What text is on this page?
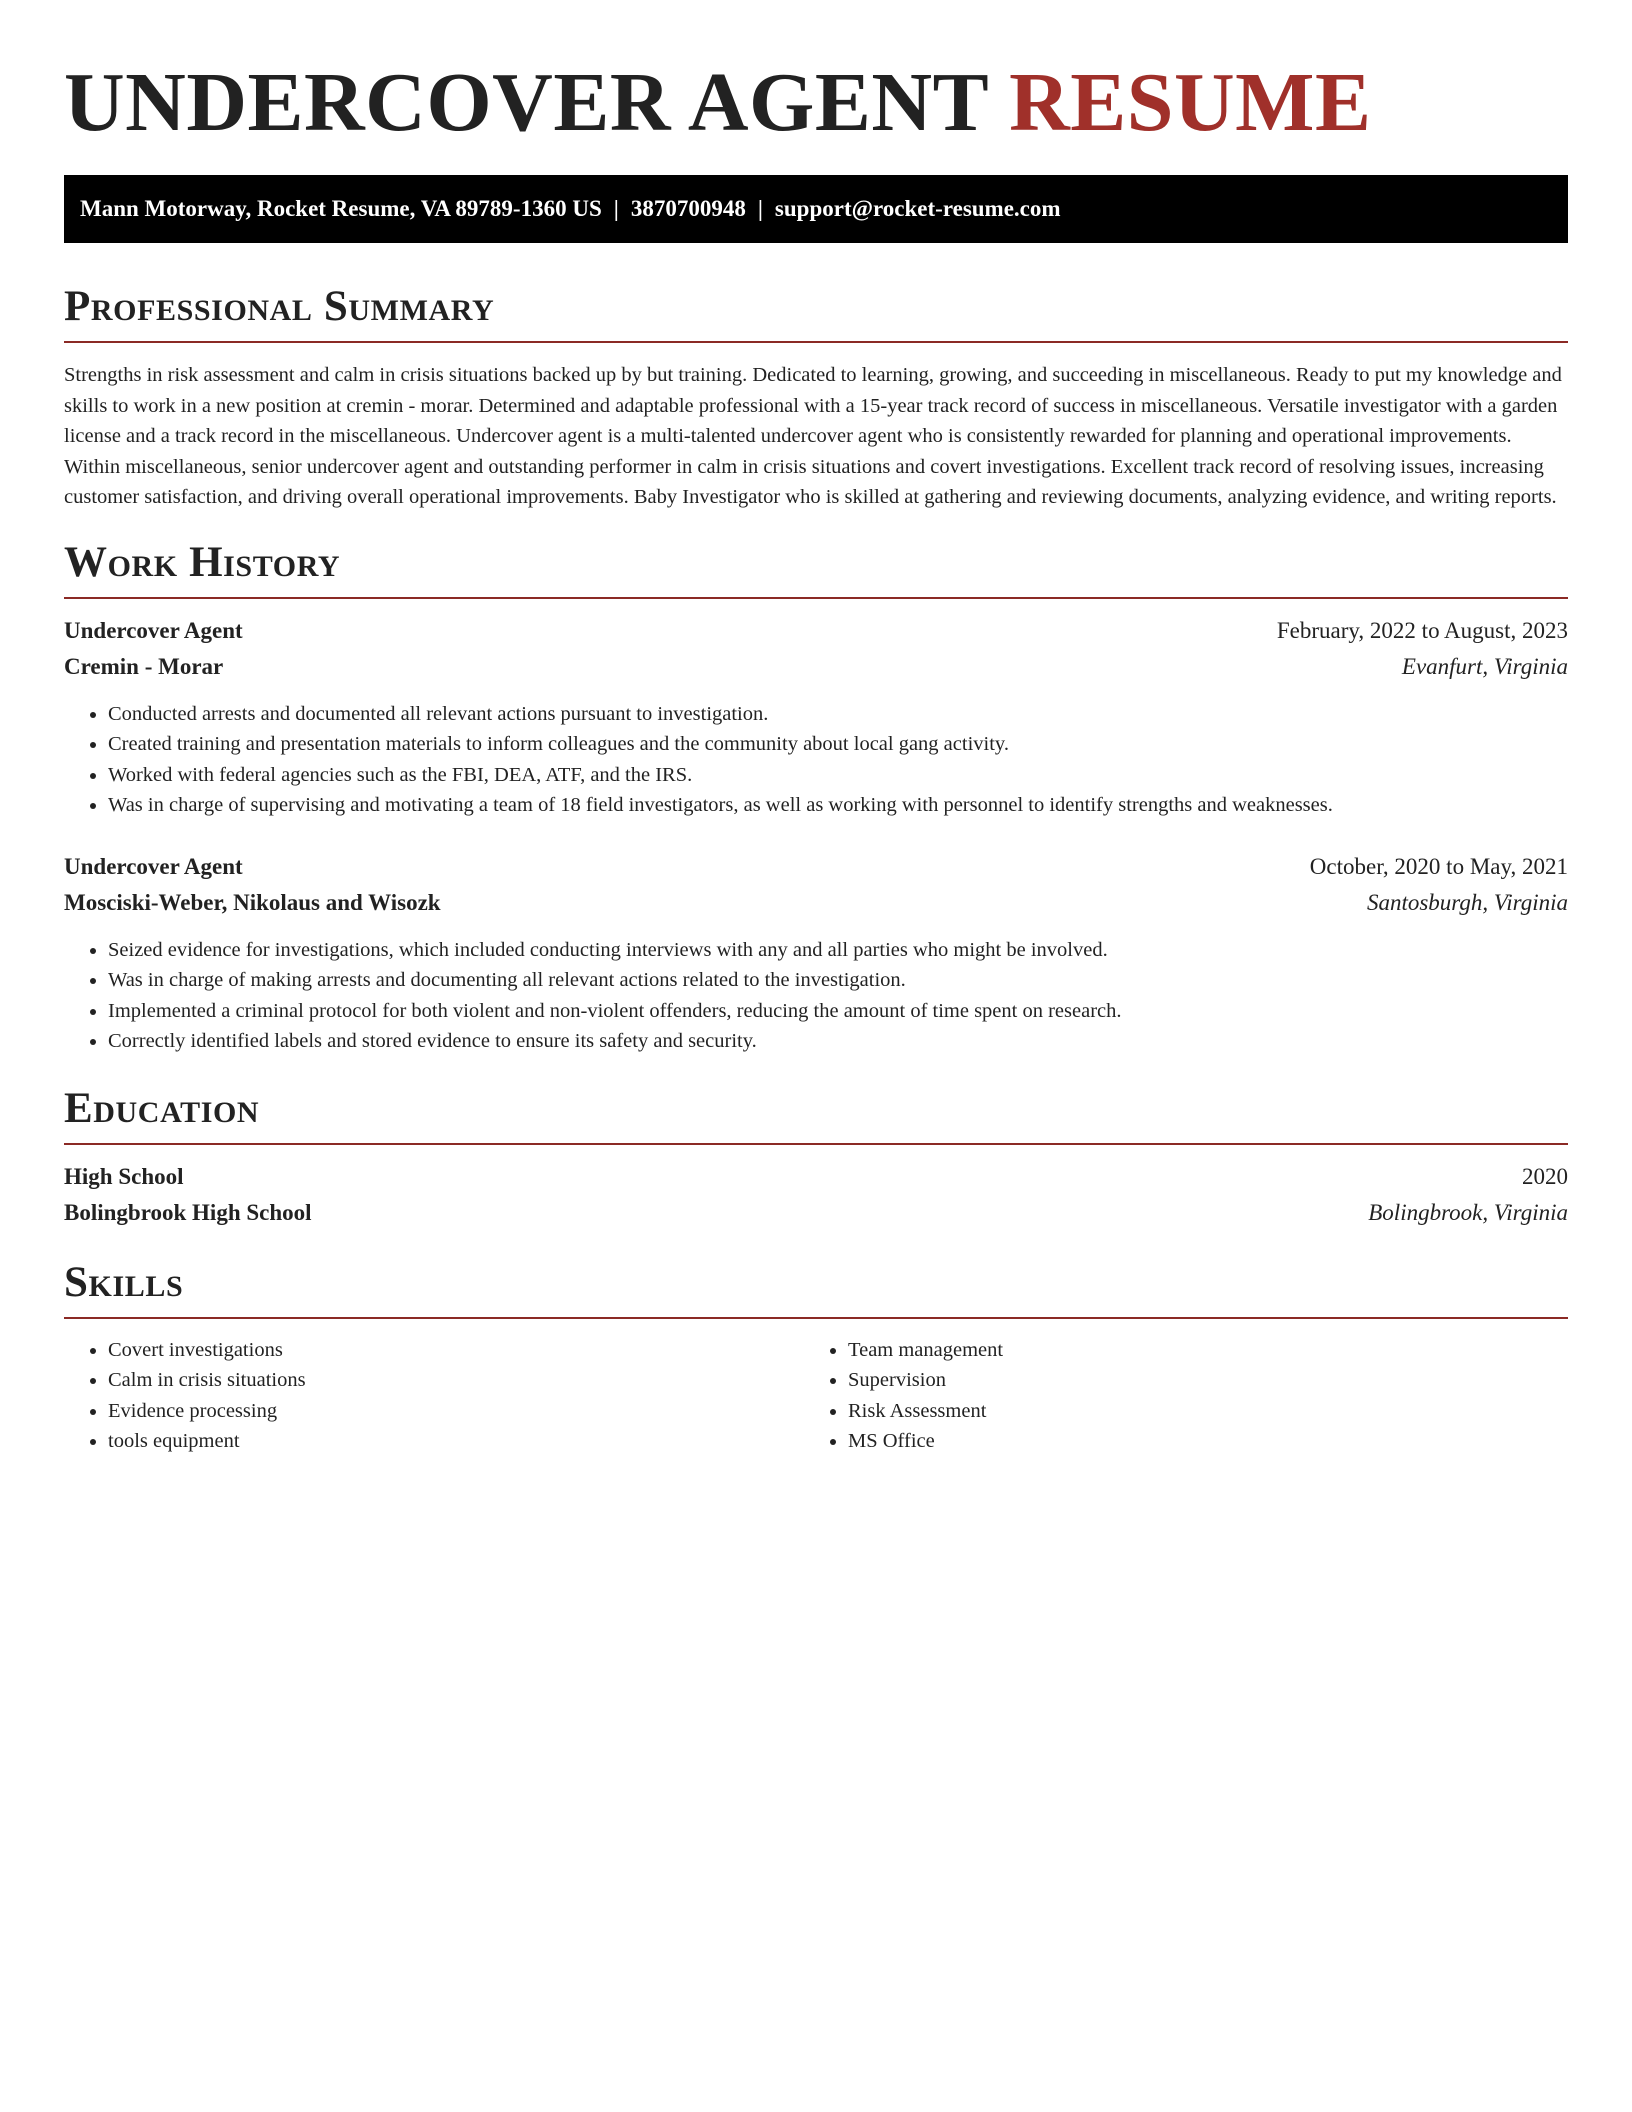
UNDERCOVER AGENT RESUME
Mann Motorway, Rocket Resume, VA 89789-1360 US | 3870700948 | support@rocket-resume.com
Professional Summary

Strengths in risk assessment and calm in crisis situations backed up by but training. Dedicated to learning, growing, and succeeding in miscellaneous. Ready to put my knowledge and skills to work in a new position at cremin - morar. Determined and adaptable professional with a 15-year track record of success in miscellaneous. Versatile investigator with a garden license and a track record in the miscellaneous. Undercover agent is a multi-talented undercover agent who is consistently rewarded for planning and operational improvements. Within miscellaneous, senior undercover agent and outstanding performer in calm in crisis situations and covert investigations. Excellent track record of resolving issues, increasing customer satisfaction, and driving overall operational improvements. Baby Investigator who is skilled at gathering and reviewing documents, analyzing evidence, and writing reports.

Work History
Undercover Agent	February, 2022 to August, 2023
Cremin - Morar	Evanfurt, Virginia
• Conducted arrests and documented all relevant actions pursuant to investigation.
• Created training and presentation materials to inform colleagues and the community about local gang activity.
• Worked with federal agencies such as the FBI, DEA, ATF, and the IRS.
• Was in charge of supervising and motivating a team of 18 field investigators, as well as working with personnel to identify strengths and weaknesses.
Undercover Agent	October, 2020 to May, 2021
Mosciski-Weber, Nikolaus and Wisozk	Santosburgh, Virginia
• Seized evidence for investigations, which included conducting interviews with any and all parties who might be involved.
• Was in charge of making arrests and documenting all relevant actions related to the investigation.
• Implemented a criminal protocol for both violent and non-violent offenders, reducing the amount of time spent on research.
• Correctly identified labels and stored evidence to ensure its safety and security.
Education
High School	2020
Bolingbrook High School	Bolingbrook, Virginia
Skills
• Covert investigations
• Calm in crisis situations
• Evidence processing
• tools equipment
• Team management
• Supervision
• Risk Assessment
• MS Office
